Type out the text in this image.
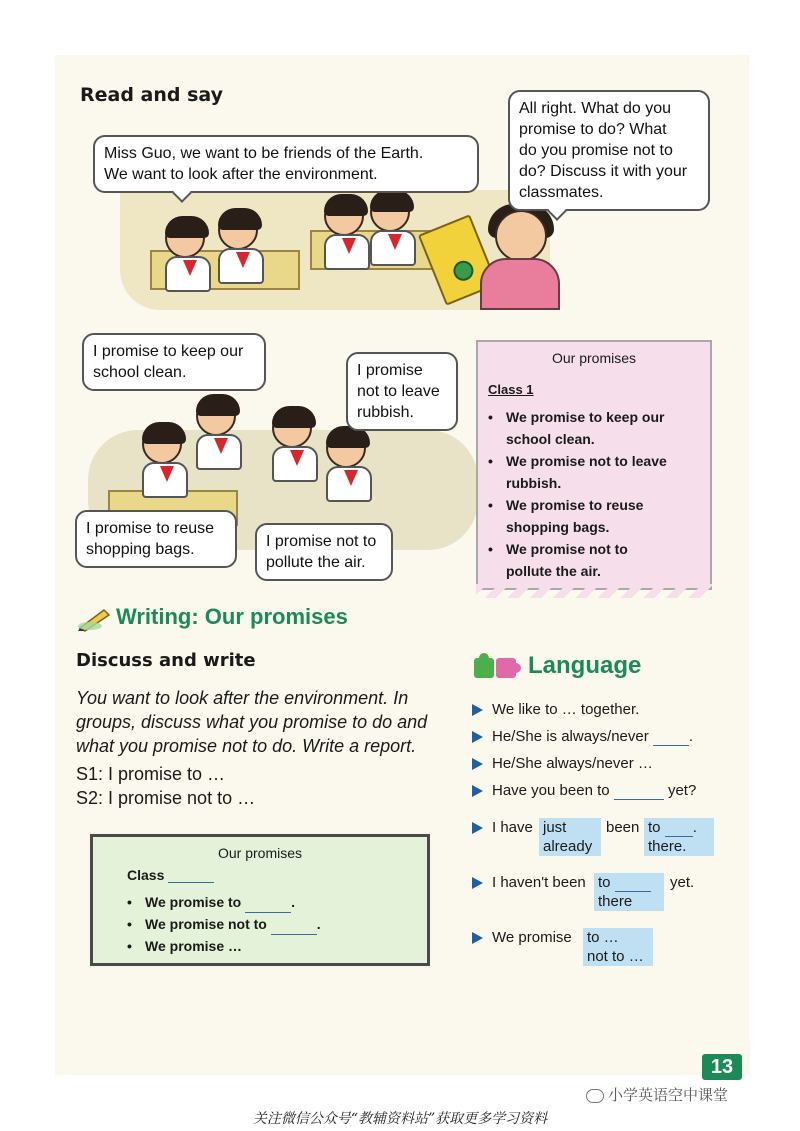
Read and say
Miss Guo, we want to be friends of the Earth.
We want to look after the environment.
All right. What do you
promise to do? What
do you promise not to
do? Discuss it with your
classmates.
I promise to keep our
school clean.	I promise
not to leave
rubbish.
I promise to reuse
shopping bags.	I promise not to
pollute the air.
Our promises
Class 1
• We promise to keep our
school clean.
• We promise not to leave
rubbish.
• We promise to reuse
shopping bags.
• We promise not to
pollute the air.
Writing: Our promises
Discuss and write
You want to look after the environment. In groups, discuss what you promise to do and what you promise not to do. Write a report.
S1: I promise to …
S2: I promise not to …
Our promises
Class
• We promise to	.
• We promise not to	.
• We promise …
Language
We like to … together.
He/She is always/never	.
He/She always/never …
Have you been to	yet?
I have just
already
been to .
there.
I haven't been to
there
yet.
We promise to …
not to …
13
小学英语空中课堂
关注微信公众号“教辅资料站”获取更多学习资料
